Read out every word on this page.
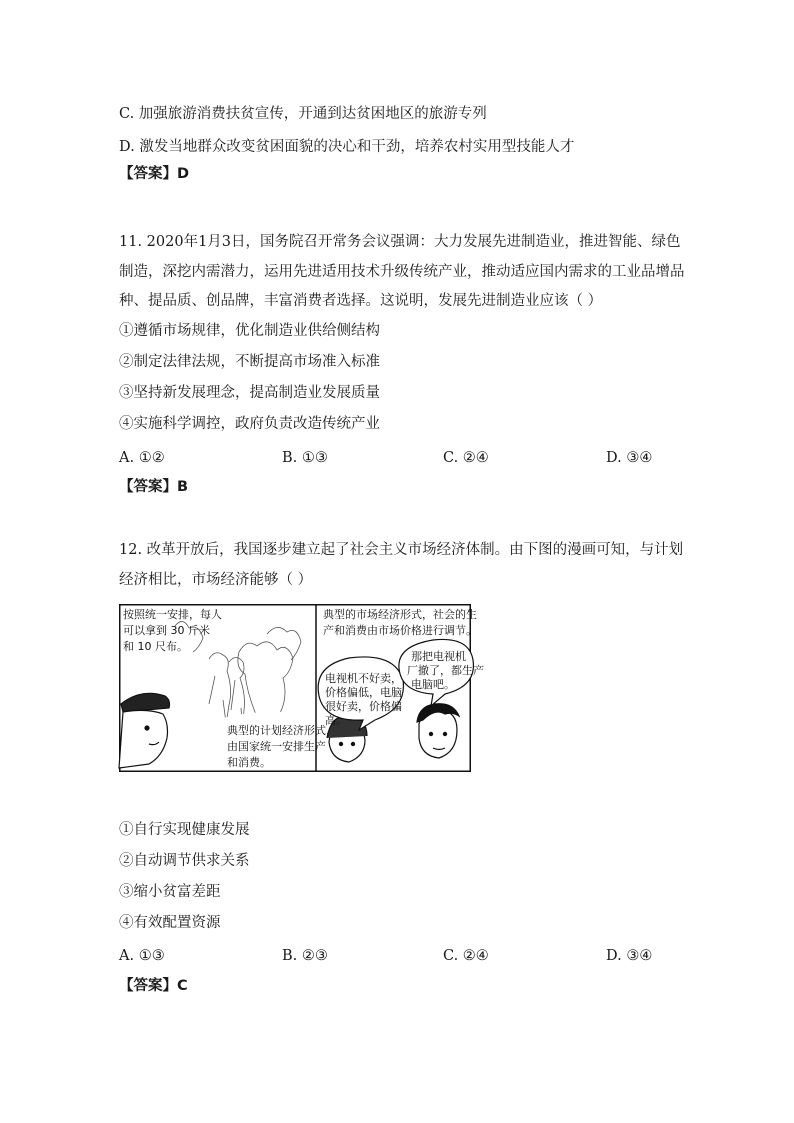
C. 加强旅游消费扶贫宣传，开通到达贫困地区的旅游专列
D. 激发当地群众改变贫困面貌的决心和干劲，培养农村实用型技能人才
【答案】D
11. 2020年1月3日，国务院召开常务会议强调：大力发展先进制造业，推进智能、绿色
制造，深挖内需潜力，运用先进适用技术升级传统产业，推动适应国内需求的工业品增品
种、提品质、创品牌，丰富消费者选择。这说明，发展先进制造业应该（ ）
①遵循市场规律，优化制造业供给侧结构
②制定法律法规，不断提高市场准入标准
③坚持新发展理念，提高制造业发展质量
④实施科学调控，政府负责改造传统产业
A. ①②	B. ①③	C. ②④	D. ③④
【答案】B
12. 改革开放后，我国逐步建立起了社会主义市场经济体制。由下图的漫画可知，与计划
经济相比，市场经济能够（ ）
按照统一安排，每人
可以拿到 30 斤米
和 10 尺布。
典型的计划经济形式，
由国家统一安排生产
和消费。
典型的市场经济形式，社会的生
产和消费由市场价格进行调节。
电视机不好卖，
价格偏低，电脑
很好卖，价格偏
高。
那把电视机
厂撤了，都生产
电脑吧。
①自行实现健康发展
②自动调节供求关系
③缩小贫富差距
④有效配置资源
A. ①③	B. ②③	C. ②④	D. ③④
【答案】C
